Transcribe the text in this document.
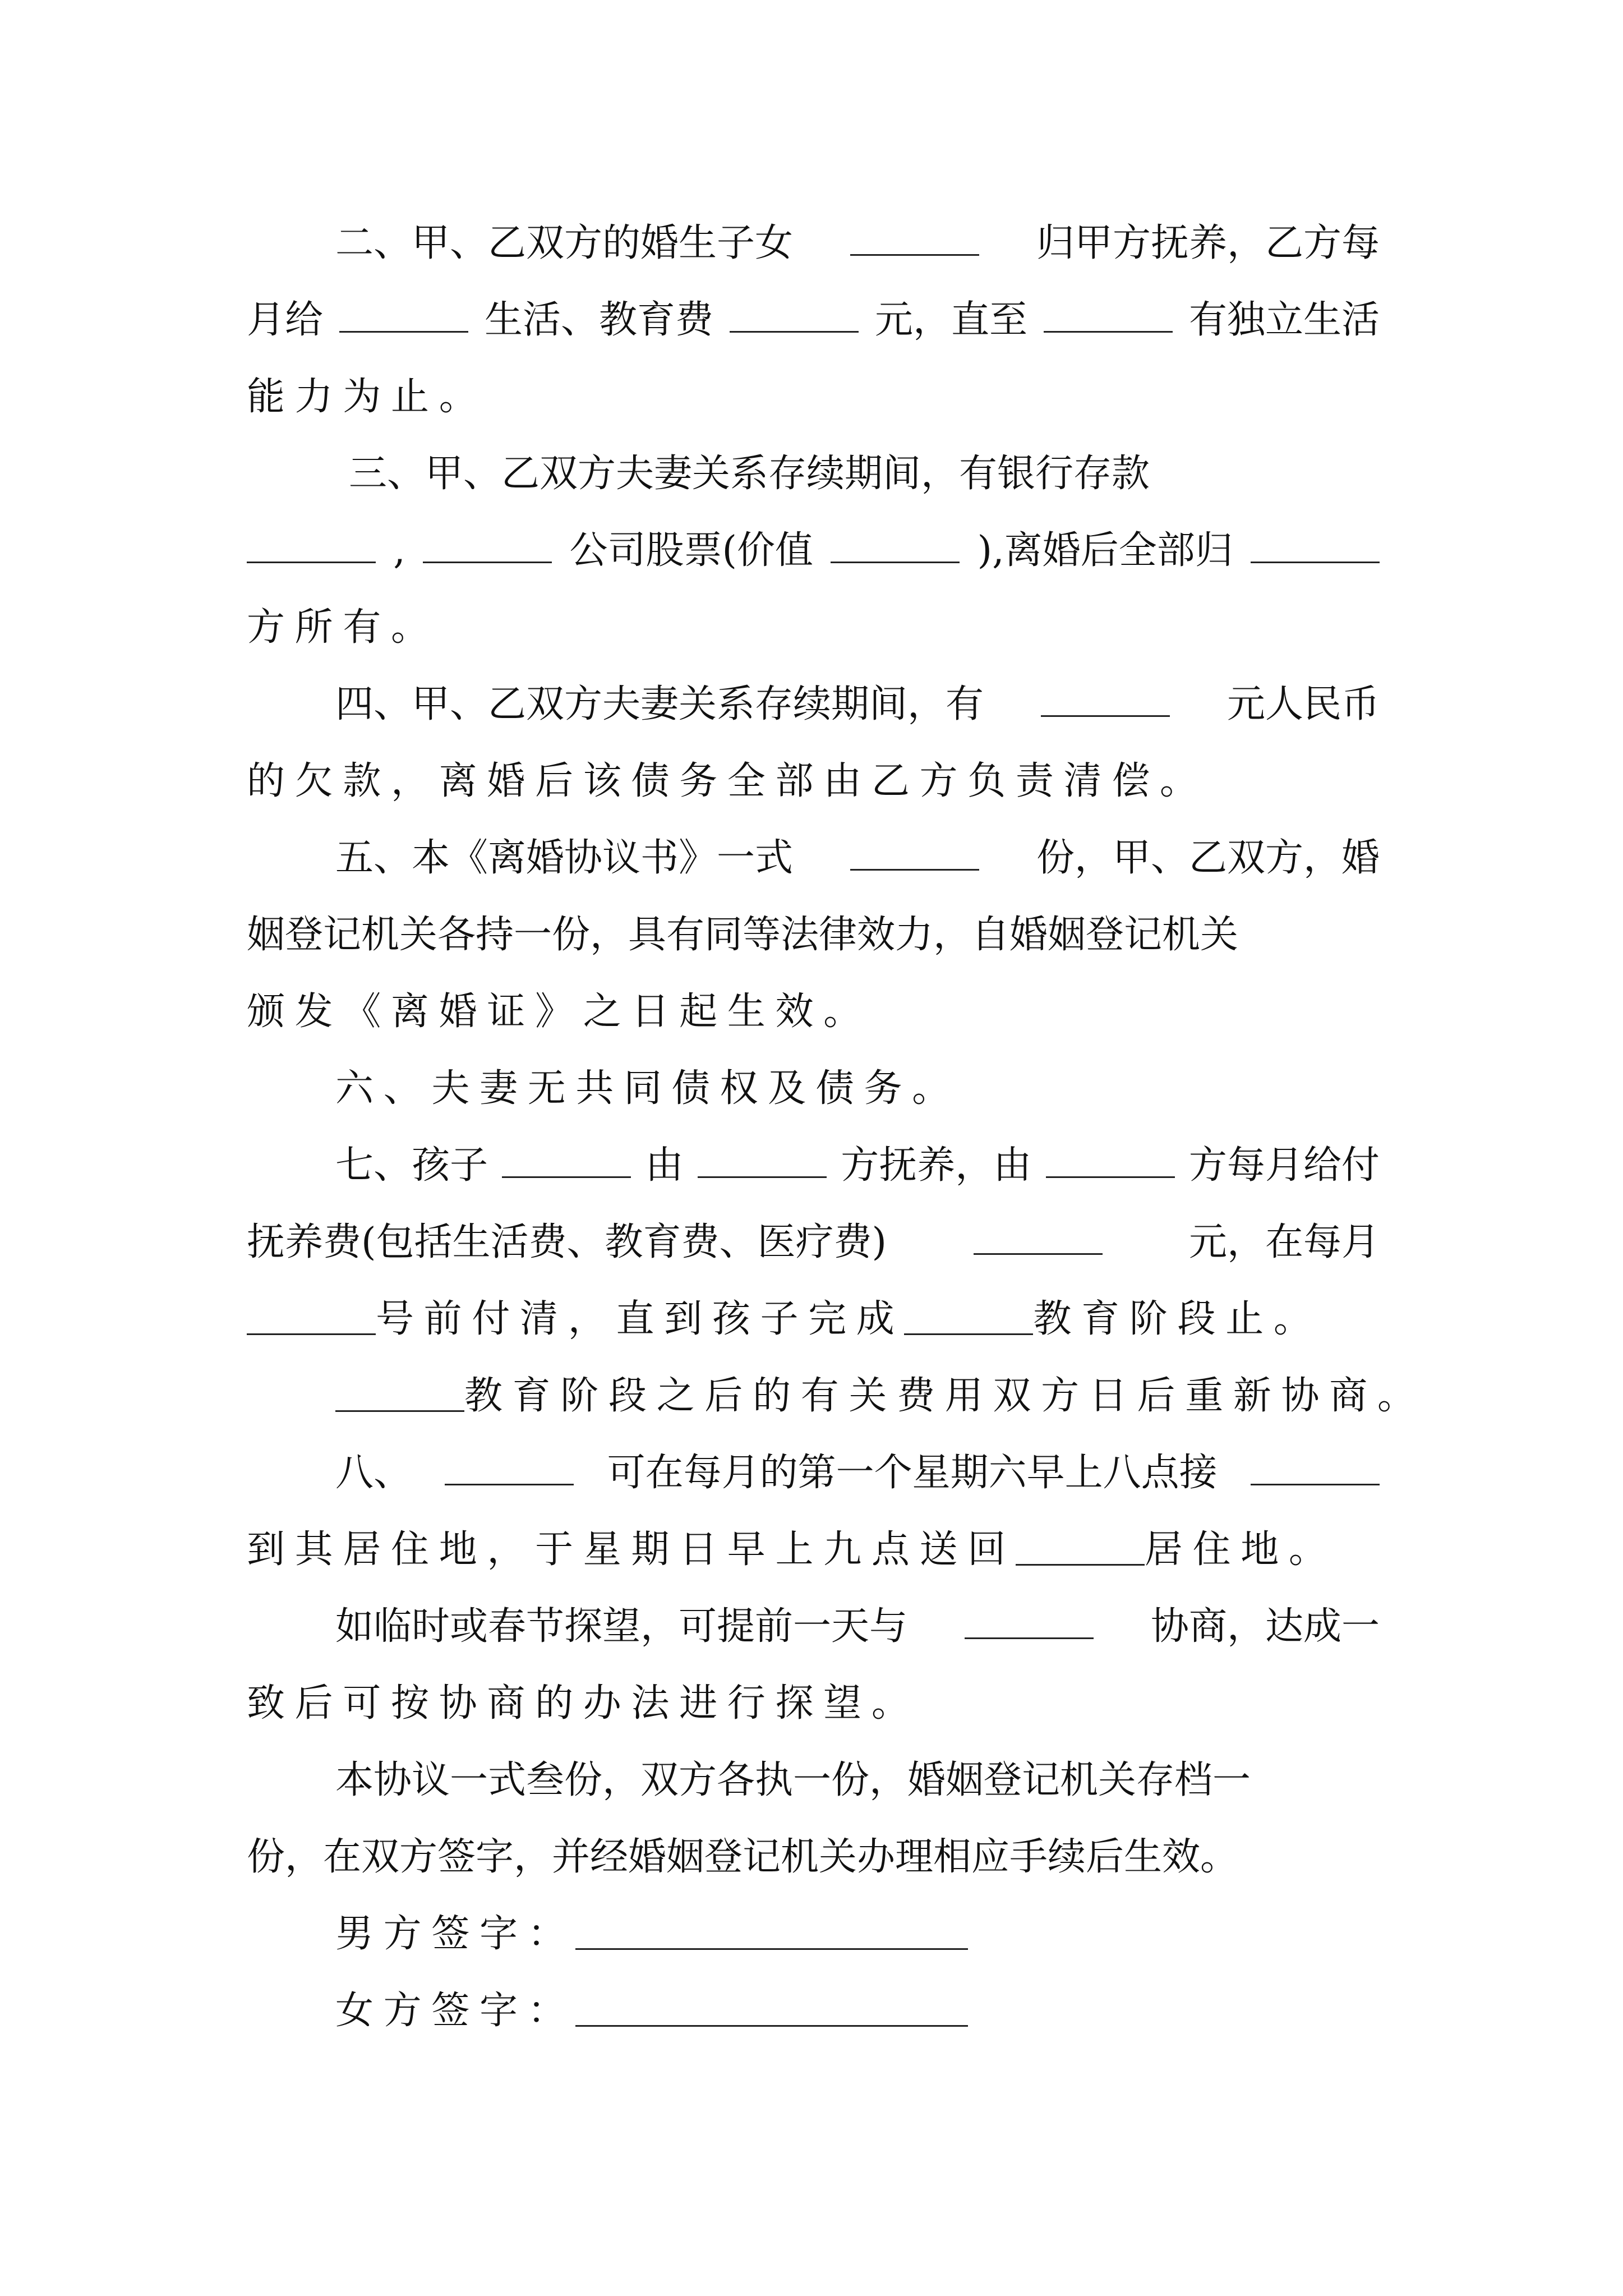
二、甲、乙双方的婚生子女	归甲方抚养，乙方每
月给	生活、教育费	元，直至	有独立生活
能力为止。
三、甲、乙双方夫妻关系存续期间，有银行存款
,	公司股票(价值	),离婚后全部归
方所有。
四、甲、乙双方夫妻关系存续期间，有	元人民币
的欠款，离婚后该债务全部由乙方负责清偿。
五、本《离婚协议书》一式	份，甲、乙双方，婚
姻登记机关各持一份，具有同等法律效力，自婚姻登记机关
颁发《离婚证》之日起生效。
六、夫妻无共同债权及债务。
七、孩子	由	方抚养，由	方每月给付
抚养费(包括生活费、教育费、医疗费)	元，在每月
号前付清，直到孩子完成	教育阶段止。
教育阶段之后的有关费用双方日后重新协商。
八、	可在每月的第一个星期六早上八点接
到其居住地，于星期日早上九点送回	居住地。
如临时或春节探望，可提前一天与	协商，达成一
致后可按协商的办法进行探望。
本协议一式叁份，双方各执一份，婚姻登记机关存档一
份，在双方签字，并经婚姻登记机关办理相应手续后生效。
男方签字：
女方签字：
